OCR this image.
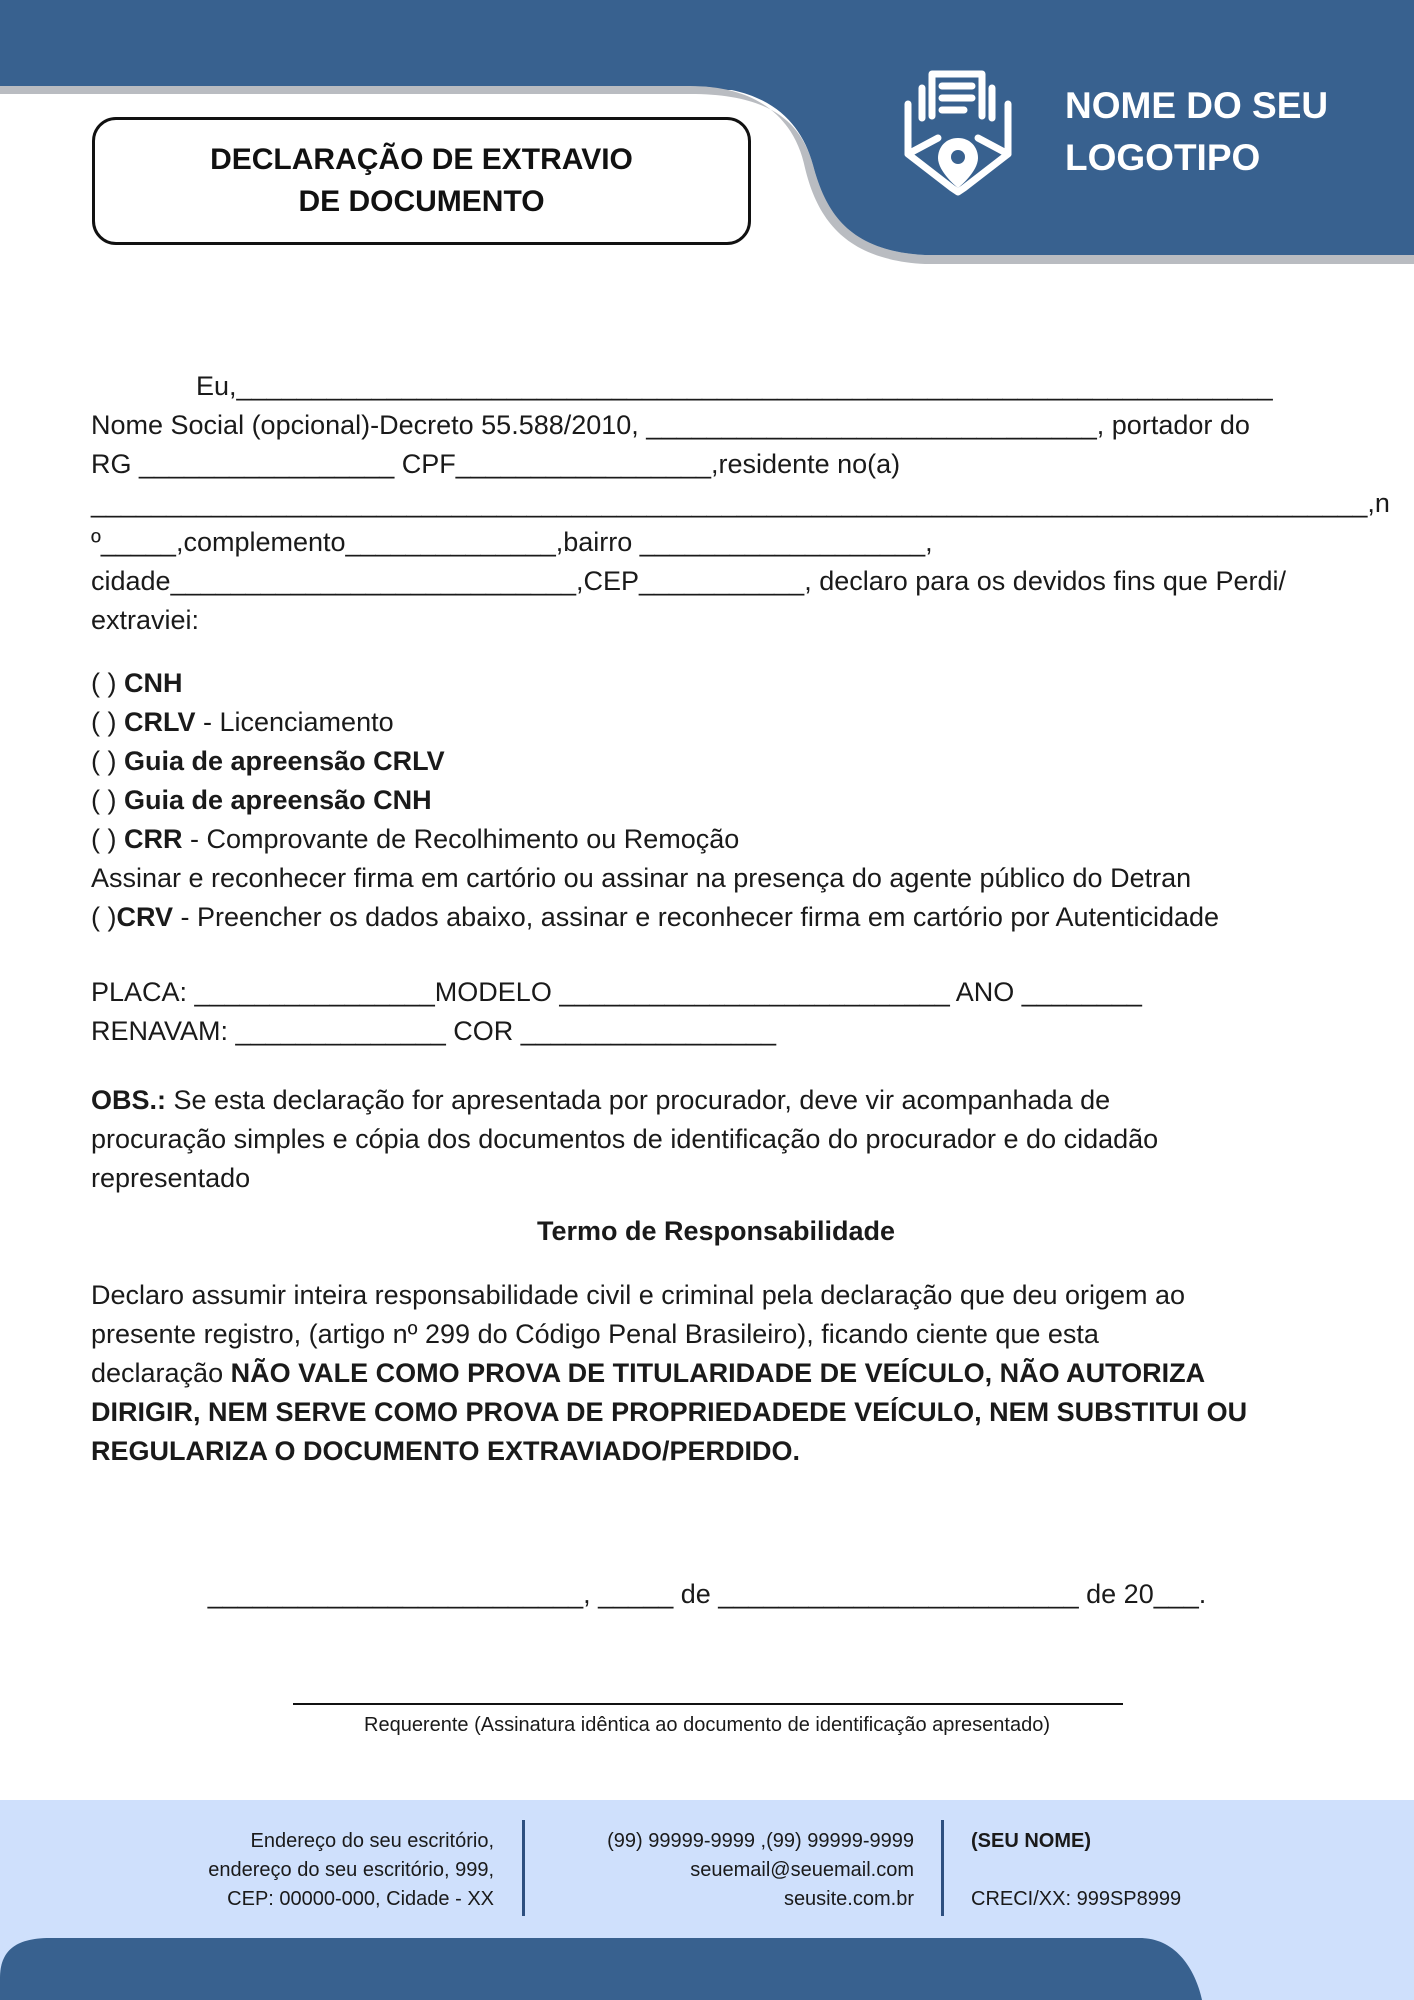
DECLARAÇÃO DE EXTRAVIO
DE DOCUMENTO
NOME DO SEU
LOGOTIPO
Eu,_____________________________________________________________________
Nome Social (opcional)-Decreto 55.588/2010, ______________________________, portador do
RG _________________ CPF_________________,residente no(a)
_____________________________________________________________________________________,n
º_____,complemento______________,bairro ___________________,
cidade___________________________,CEP___________, declaro para os devidos fins que Perdi/
extraviei:
( ) CNH
( ) CRLV - Licenciamento
( ) Guia de apreensão CRLV
( ) Guia de apreensão CNH
( ) CRR - Comprovante de Recolhimento ou Remoção
Assinar e reconhecer firma em cartório ou assinar na presença do agente público do Detran
( )CRV - Preencher os dados abaixo, assinar e reconhecer firma em cartório por Autenticidade
PLACA: ________________MODELO __________________________ ANO ________
RENAVAM: ______________ COR _________________
OBS.: Se esta declaração for apresentada por procurador, deve vir acompanhada de
procuração simples e cópia dos documentos de identificação do procurador e do cidadão
representado
Termo de Responsabilidade
Declaro assumir inteira responsabilidade civil e criminal pela declaração que deu origem ao
presente registro, (artigo nº 299 do Código Penal Brasileiro), ficando ciente que esta
declaração NÃO VALE COMO PROVA DE TITULARIDADE DE VEÍCULO, NÃO AUTORIZA
DIRIGIR, NEM SERVE COMO PROVA DE PROPRIEDADEDE VEÍCULO, NEM SUBSTITUI OU
REGULARIZA O DOCUMENTO EXTRAVIADO/PERDIDO.
_________________________, _____ de ________________________ de 20___.
Requerente (Assinatura idêntica ao documento de identificação apresentado)
Endereço do seu escritório,
endereço do seu escritório, 999,
CEP: 00000-000, Cidade - XX
(99) 99999-9999 ,(99) 99999-9999
seuemail@seuemail.com
seusite.com.br
(SEU NOME)
CRECI/XX: 999SP8999
